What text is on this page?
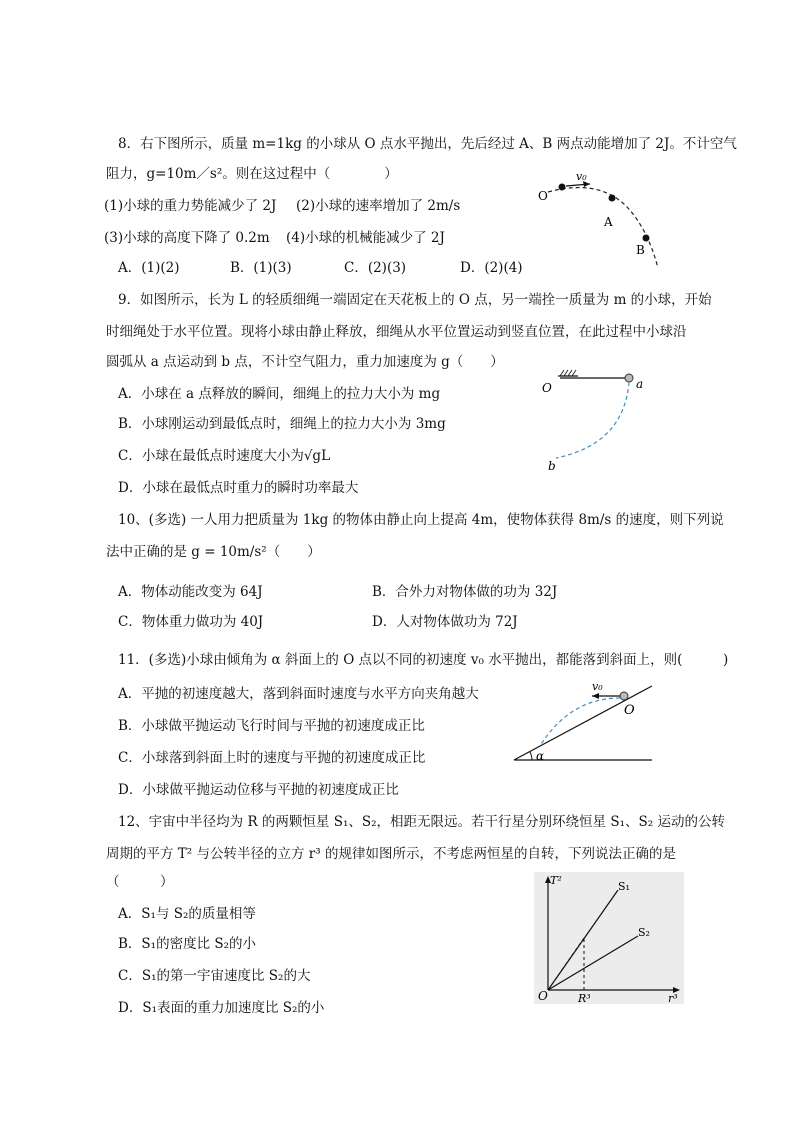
8．右下图所示，质量 m=1kg 的小球从 O 点水平抛出，先后经过 A、B 两点动能增加了 2J。不计空气
阻力，g=10m／s²。则在这过程中（　　　　）
(1)小球的重力势能减少了 2J (2)小球的速率增加了 2m/s
(3)小球的高度下降了 0.2m (4)小球的机械能减少了 2J
A．(1)(2)	B．(1)(3)	C．(2)(3)	D．(2)(4)
O
v₀
A
B
9．如图所示，长为 L 的轻质细绳一端固定在天花板上的 O 点，另一端拴一质量为 m 的小球，开始
时细绳处于水平位置。现将小球由静止释放，细绳从水平位置运动到竖直位置，在此过程中小球沿
圆弧从 a 点运动到 b 点，不计空气阻力，重力加速度为 g（　　）
A．小球在 a 点释放的瞬间，细绳上的拉力大小为 mg
B．小球刚运动到最低点时，细绳上的拉力大小为 3mg
C．小球在最低点时速度大小为√gL
D．小球在最低点时重力的瞬时功率最大
O	a
b
10、(多选) 一人用力把质量为 1kg 的物体由静止向上提高 4m，使物体获得 8m/s 的速度，则下列说
法中正确的是 g = 10m/s²（　　）
A．物体动能改变为 64J	B．合外力对物体做的功为 32J
C．物体重力做功为 40J	D．人对物体做功为 72J
11．(多选)小球由倾角为 α 斜面上的 O 点以不同的初速度 v₀ 水平抛出，都能落到斜面上，则(　　　)
A．平抛的初速度越大，落到斜面时速度与水平方向夹角越大
B．小球做平抛运动飞行时间与平抛的初速度成正比
C．小球落到斜面上时的速度与平抛的初速度成正比
D．小球做平抛运动位移与平抛的初速度成正比
v₀
O
α
12、宇宙中半径均为 R 的两颗恒星 S₁、S₂，相距无限远。若干行星分别环绕恒星 S₁、S₂ 运动的公转
周期的平方 T² 与公转半径的立方 r³ 的规律如图所示，不考虑两恒星的自转，下列说法正确的是
（　　　）
A．S₁与 S₂的质量相等
B．S₁的密度比 S₂的小
C．S₁的第一宇宙速度比 S₂的大
D．S₁表面的重力加速度比 S₂的小
T²	S₁
S₂
O	R³	r³
